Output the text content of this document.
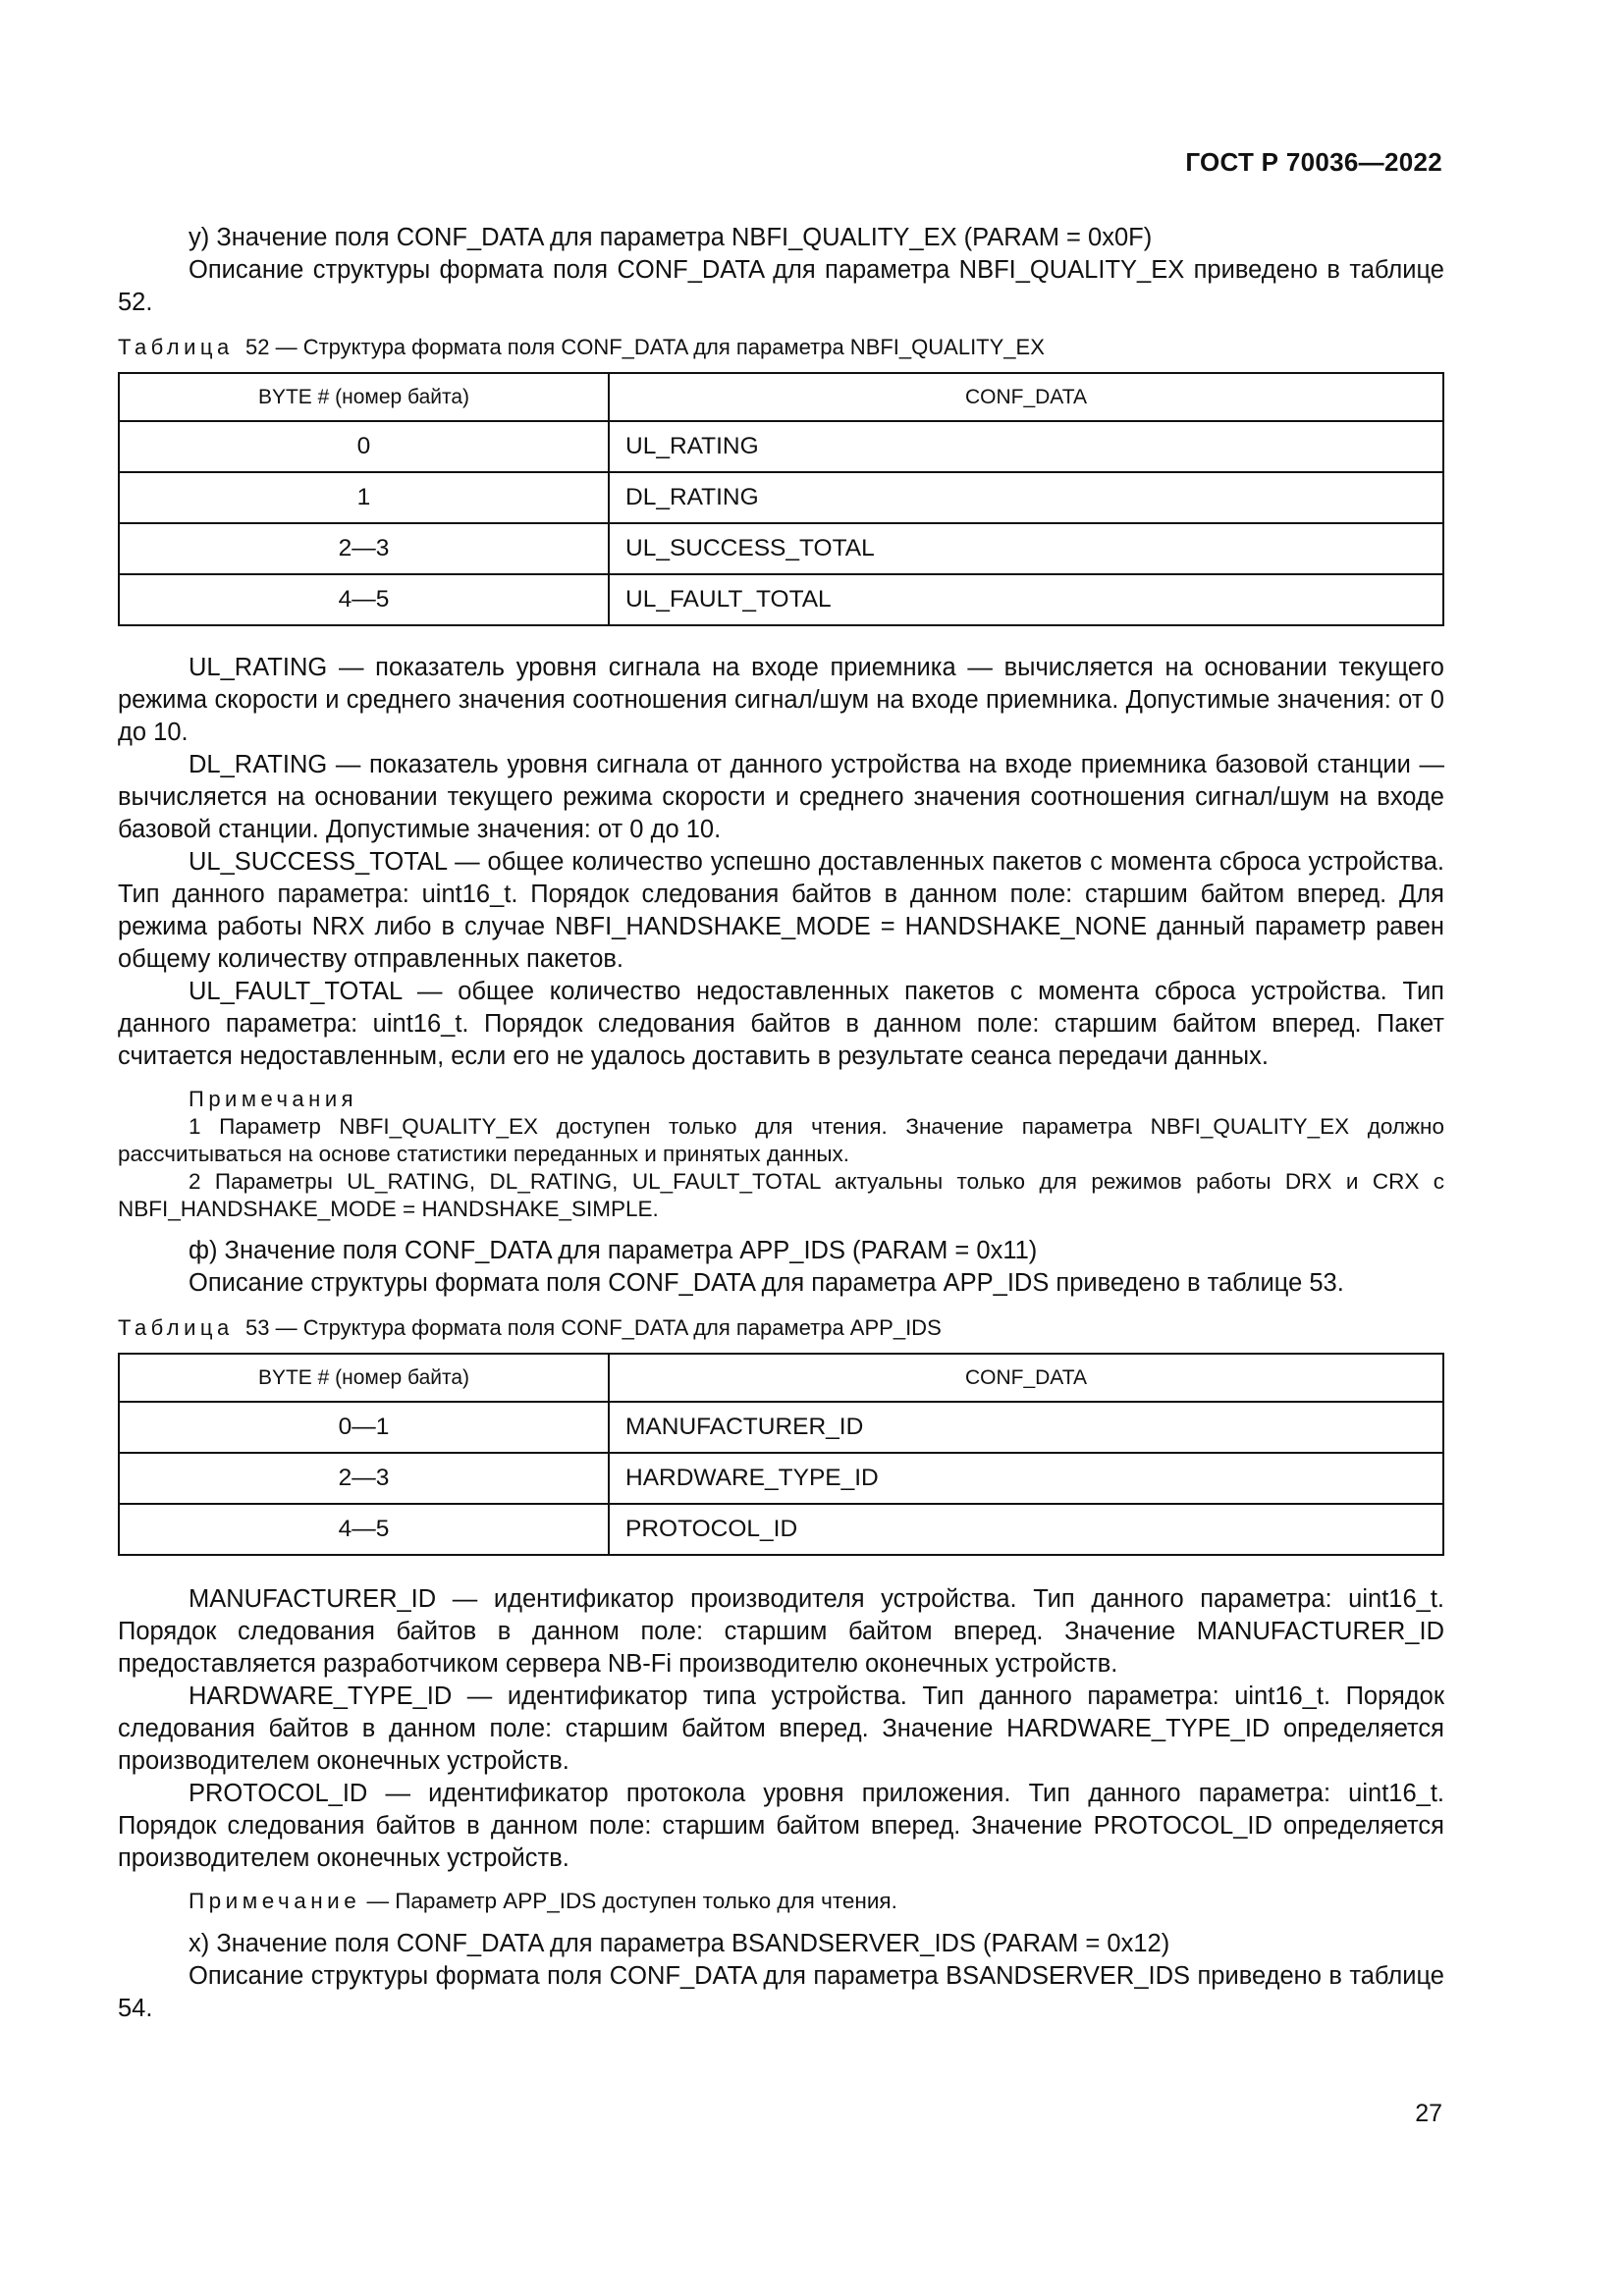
ГОСТ Р 70036—2022

у) Значение поля CONF_DATA для параметра NBFI_QUALITY_EX (PARAM = 0x0F)

Описание структуры формата поля CONF_DATA для параметра NBFI_QUALITY_EX приведено в таблице 52.

Таблица 52 — Структура формата поля CONF_DATA для параметра NBFI_QUALITY_EX

BYTE # (номер байта)	CONF_DATA
0	UL_RATING
1	DL_RATING
2—3	UL_SUCCESS_TOTAL
4—5	UL_FAULT_TOTAL

UL_RATING — показатель уровня сигнала на входе приемника — вычисляется на основании текущего режима скорости и среднего значения соотношения сигнал/шум на входе приемника. Допустимые значения: от 0 до 10.

DL_RATING — показатель уровня сигнала от данного устройства на входе приемника базовой станции — вычисляется на основании текущего режима скорости и среднего значения соотношения сигнал/шум на входе базовой станции. Допустимые значения: от 0 до 10.

UL_SUCCESS_TOTAL — общее количество успешно доставленных пакетов с момента сброса устройства. Тип данного параметра: uint16_t. Порядок следования байтов в данном поле: старшим байтом вперед. Для режима работы NRX либо в случае NBFI_HANDSHAKE_MODE = HANDSHAKE_NONE данный параметр равен общему количеству отправленных пакетов.

UL_FAULT_TOTAL — общее количество недоставленных пакетов с момента сброса устройства. Тип данного параметра: uint16_t. Порядок следования байтов в данном поле: старшим байтом вперед. Пакет считается недоставленным, если его не удалось доставить в результате сеанса передачи данных.

Примечания

1 Параметр NBFI_QUALITY_EX доступен только для чтения. Значение параметра NBFI_QUALITY_EX должно рассчитываться на основе статистики переданных и принятых данных.

2 Параметры UL_RATING, DL_RATING, UL_FAULT_TOTAL актуальны только для режимов работы DRX и CRX с NBFI_HANDSHAKE_MODE = HANDSHAKE_SIMPLE.

ф) Значение поля CONF_DATA для параметра APP_IDS (PARAM = 0x11)

Описание структуры формата поля CONF_DATA для параметра APP_IDS приведено в таблице 53.

Таблица 53 — Структура формата поля CONF_DATA для параметра APP_IDS

BYTE # (номер байта)	CONF_DATA
0—1	MANUFACTURER_ID
2—3	HARDWARE_TYPE_ID
4—5	PROTOCOL_ID

MANUFACTURER_ID — идентификатор производителя устройства. Тип данного параметра: uint16_t. Порядок следования байтов в данном поле: старшим байтом вперед. Значение MANUFACTURER_ID предоставляется разработчиком сервера NB-Fi производителю оконечных устройств.

HARDWARE_TYPE_ID — идентификатор типа устройства. Тип данного параметра: uint16_t. Порядок следования байтов в данном поле: старшим байтом вперед. Значение HARDWARE_TYPE_ID определяется производителем оконечных устройств.

PROTOCOL_ID — идентификатор протокола уровня приложения. Тип данного параметра: uint16_t. Порядок следования байтов в данном поле: старшим байтом вперед. Значение PROTOCOL_ID определяется производителем оконечных устройств.

Примечание — Параметр APP_IDS доступен только для чтения.

х) Значение поля CONF_DATA для параметра BSANDSERVER_IDS (PARAM = 0x12)

Описание структуры формата поля CONF_DATA для параметра BSANDSERVER_IDS приведено в таблице 54.

27
